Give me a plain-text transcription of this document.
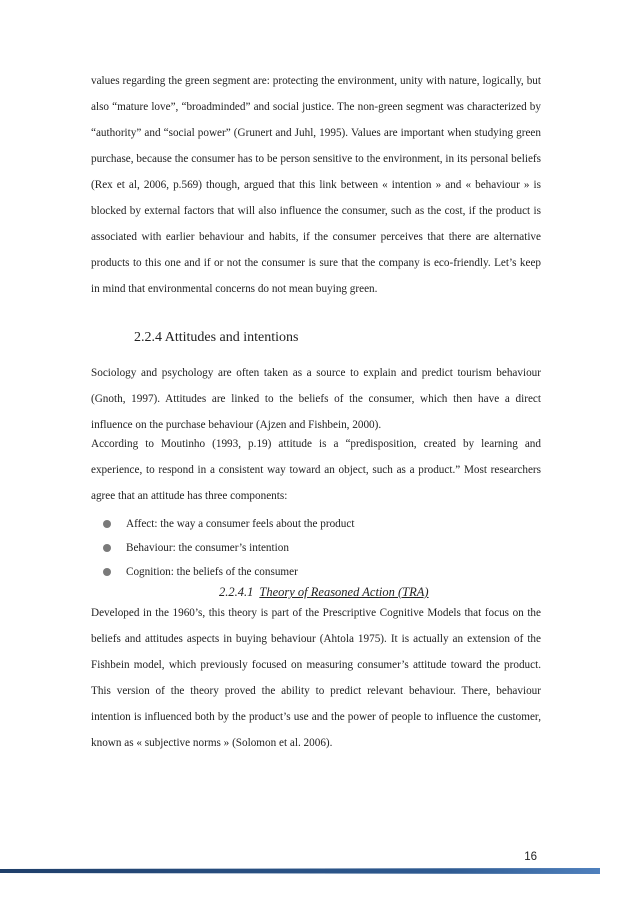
values regarding the green segment are: protecting the environment, unity with nature, logically, but also “mature love”, “broadminded” and social justice. The non-green segment was characterized by “authority” and “social power” (Grunert and Juhl, 1995). Values are important when studying green purchase, because the consumer has to be person sensitive to the environment, in its personal beliefs (Rex et al, 2006, p.569) though, argued that this link between « intention » and « behaviour » is blocked by external factors that will also influence the consumer, such as the cost, if the product is associated with earlier behaviour and habits, if the consumer perceives that there are alternative products to this one and if or not the consumer is sure that the company is eco-friendly. Let’s keep in mind that environmental concerns do not mean buying green.

2.2.4 Attitudes and intentions

Sociology and psychology are often taken as a source to explain and predict tourism behaviour (Gnoth, 1997). Attitudes are linked to the beliefs of the consumer, which then have a direct influence on the purchase behaviour (Ajzen and Fishbein, 2000).

According to Moutinho (1993, p.19) attitude is a “predisposition, created by learning and experience, to respond in a consistent way toward an object, such as a product.” Most researchers agree that an attitude has three components:

Affect: the way a consumer feels about the product
Behaviour: the consumer’s intention
Cognition: the beliefs of the consumer
2.2.4.1 Theory of Reasoned Action (TRA)

Developed in the 1960’s, this theory is part of the Prescriptive Cognitive Models that focus on the beliefs and attitudes aspects in buying behaviour (Ahtola 1975). It is actually an extension of the Fishbein model, which previously focused on measuring consumer’s attitude toward the product. This version of the theory proved the ability to predict relevant behaviour. There, behaviour intention is influenced both by the product’s use and the power of people to influence the customer, known as « subjective norms » (Solomon et al. 2006).

16
